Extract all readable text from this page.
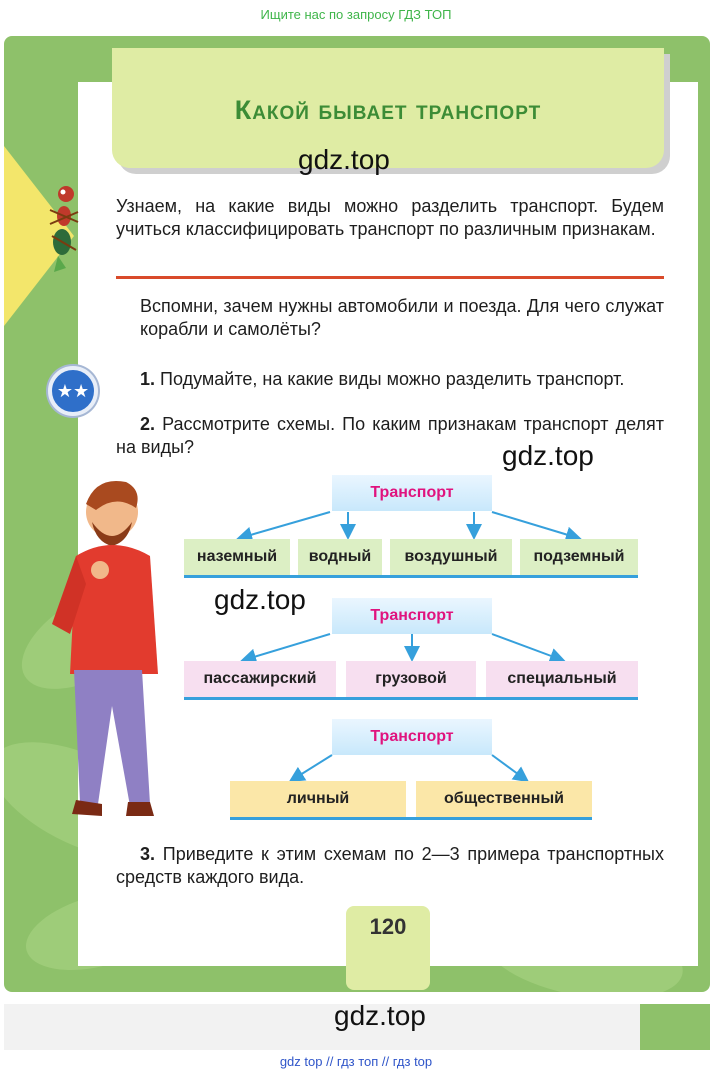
Ищите нас по запросу ГДЗ ТОП
Какой бывает транспорт
gdz.top

Узнаем, на какие виды можно разделить транспорт. Будем учиться классифицировать транспорт по различным признакам.

Вспомни, зачем нужны автомобили и поезда. Для чего служат корабли и самолёты?

★★

1. Подумайте, на какие виды можно разделить транспорт.

2. Рассмотрите схемы. По каким признакам транспорт делят на виды?	gdz.top
gdz.top
Транспорт
наземный	водный	воздушный	подземный
Транспорт
пассажирский	грузовой	специальный
Транспорт
личный	общественный

3. Приведите к этим схемам по 2—3 примера транспортных средств каждого вида.

120
gdz.top
gdz top // гдз топ // гдз top
